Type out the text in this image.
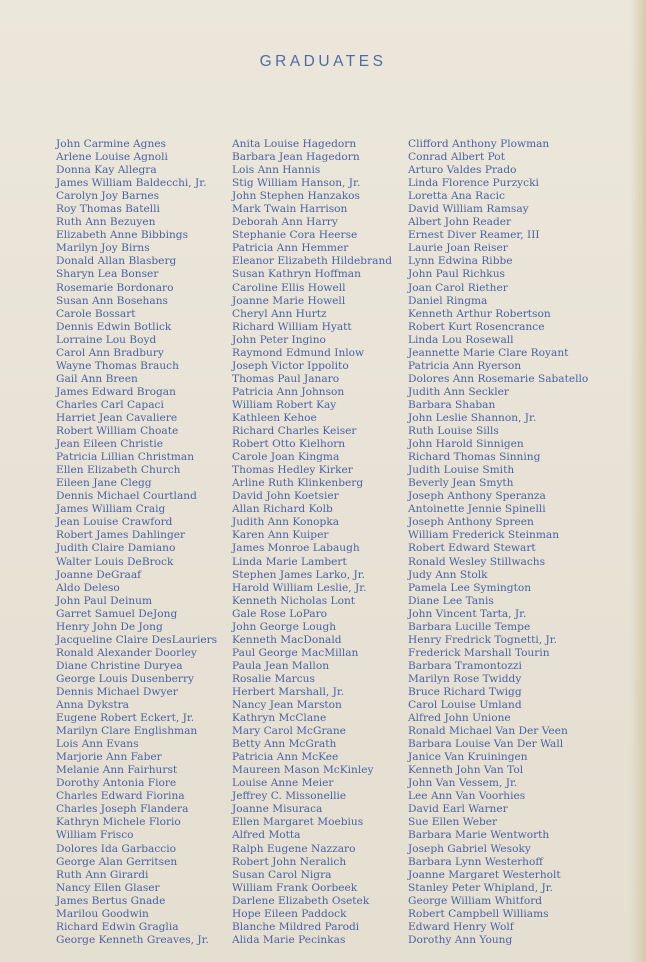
GRADUATES
John Carmine Agnes
Arlene Louise Agnoli
Donna Kay Allegra
James William Baldecchi, Jr.
Carolyn Joy Barnes
Roy Thomas Batelli
Ruth Ann Bezuyen
Elizabeth Anne Bibbings
Marilyn Joy Birns
Donald Allan Blasberg
Sharyn Lea Bonser
Rosemarie Bordonaro
Susan Ann Bosehans
Carole Bossart
Dennis Edwin Botlick
Lorraine Lou Boyd
Carol Ann Bradbury
Wayne Thomas Brauch
Gail Ann Breen
James Edward Brogan
Charles Carl Capaci
Harriet Jean Cavaliere
Robert William Choate
Jean Eileen Christie
Patricia Lillian Christman
Ellen Elizabeth Church
Eileen Jane Clegg
Dennis Michael Courtland
James William Craig
Jean Louise Crawford
Robert James Dahlinger
Judith Claire Damiano
Walter Louis DeBrock
Joanne DeGraaf
Aldo Deleso
John Paul Deinum
Garret Samuel DeJong
Henry John De Jong
Jacqueline Claire DesLauriers
Ronald Alexander Doorley
Diane Christine Duryea
George Louis Dusenberry
Dennis Michael Dwyer
Anna Dykstra
Eugene Robert Eckert, Jr.
Marilyn Clare Englishman
Lois Ann Evans
Marjorie Ann Faber
Melanie Ann Fairhurst
Dorothy Antonia Fiore
Charles Edward Fiorina
Charles Joseph Flandera
Kathryn Michele Florio
William Frisco
Dolores Ida Garbaccio
George Alan Gerritsen
Ruth Ann Girardi
Nancy Ellen Glaser
James Bertus Gnade
Marilou Goodwin
Richard Edwin Graglia
George Kenneth Greaves, Jr.
Anita Louise Hagedorn
Barbara Jean Hagedorn
Lois Ann Hannis
Stig William Hanson, Jr.
John Stephen Hanzakos
Mark Twain Harrison
Deborah Ann Harry
Stephanie Cora Heerse
Patricia Ann Hemmer
Eleanor Elizabeth Hildebrand
Susan Kathryn Hoffman
Caroline Ellis Howell
Joanne Marie Howell
Cheryl Ann Hurtz
Richard William Hyatt
John Peter Ingino
Raymond Edmund Inlow
Joseph Victor Ippolito
Thomas Paul Janaro
Patricia Ann Johnson
William Robert Kay
Kathleen Kehoe
Richard Charles Keiser
Robert Otto Kielhorn
Carole Joan Kingma
Thomas Hedley Kirker
Arline Ruth Klinkenberg
David John Koetsier
Allan Richard Kolb
Judith Ann Konopka
Karen Ann Kuiper
James Monroe Labaugh
Linda Marie Lambert
Stephen James Larko, Jr.
Harold William Leslie, Jr.
Kenneth Nicholas Lont
Gale Rose LoParo
John George Lough
Kenneth MacDonald
Paul George MacMillan
Paula Jean Mallon
Rosalie Marcus
Herbert Marshall, Jr.
Nancy Jean Marston
Kathryn McClane
Mary Carol McGrane
Betty Ann McGrath
Patricia Ann McKee
Maureen Mason McKinley
Louise Anne Meier
Jeffrey C. Missonellie
Joanne Misuraca
Ellen Margaret Moebius
Alfred Motta
Ralph Eugene Nazzaro
Robert John Neralich
Susan Carol Nigra
William Frank Oorbeek
Darlene Elizabeth Osetek
Hope Eileen Paddock
Blanche Mildred Parodi
Alida Marie Pecinkas
Clifford Anthony Plowman
Conrad Albert Pot
Arturo Valdes Prado
Linda Florence Purzycki
Loretta Ana Racic
David William Ramsay
Albert John Reader
Ernest Diver Reamer, III
Laurie Joan Reiser
Lynn Edwina Ribbe
John Paul Richkus
Joan Carol Riether
Daniel Ringma
Kenneth Arthur Robertson
Robert Kurt Rosencrance
Linda Lou Rosewall
Jeannette Marie Clare Royant
Patricia Ann Ryerson
Dolores Ann Rosemarie Sabatello
Judith Ann Seckler
Barbara Shaban
John Leslie Shannon, Jr.
Ruth Louise Sills
John Harold Sinnigen
Richard Thomas Sinning
Judith Louise Smith
Beverly Jean Smyth
Joseph Anthony Speranza
Antoinette Jennie Spinelli
Joseph Anthony Spreen
William Frederick Steinman
Robert Edward Stewart
Ronald Wesley Stillwachs
Judy Ann Stolk
Pamela Lee Symington
Diane Lee Tanis
John Vincent Tarta, Jr.
Barbara Lucille Tempe
Henry Fredrick Tognetti, Jr.
Frederick Marshall Tourin
Barbara Tramontozzi
Marilyn Rose Twiddy
Bruce Richard Twigg
Carol Louise Umland
Alfred John Unione
Ronald Michael Van Der Veen
Barbara Louise Van Der Wall
Janice Van Kruiningen
Kenneth John Van Tol
John Van Vessem, Jr.
Lee Ann Van Voorhies
David Earl Warner
Sue Ellen Weber
Barbara Marie Wentworth
Joseph Gabriel Wesoky
Barbara Lynn Westerhoff
Joanne Margaret Westerholt
Stanley Peter Whipland, Jr.
George William Whitford
Robert Campbell Williams
Edward Henry Wolf
Dorothy Ann Young
